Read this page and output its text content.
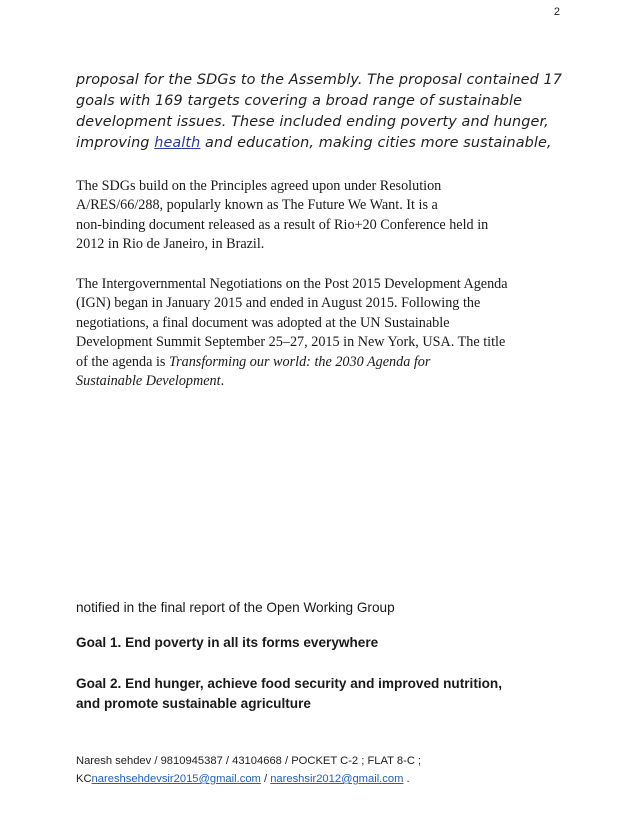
2
proposal for the SDGs to the Assembly. The proposal contained 17
goals with 169 targets covering a broad range of sustainable
development issues. These included ending poverty and hunger,
improving health and education, making cities more sustainable,
The SDGs build on the Principles agreed upon under Resolution
A/RES/66/288, popularly known as The Future We Want. It is a
non-binding document released as a result of Rio+20 Conference held in
2012 in Rio de Janeiro, in Brazil.
The Intergovernmental Negotiations on the Post 2015 Development Agenda
(IGN) began in January 2015 and ended in August 2015. Following the
negotiations, a final document was adopted at the UN Sustainable
Development Summit September 25–27, 2015 in New York, USA. The title
of the agenda is Transforming our world: the 2030 Agenda for
Sustainable Development.
notified in the final report of the Open Working Group
Goal 1. End poverty in all its forms everywhere
Goal 2. End hunger, achieve food security and improved nutrition,
and promote sustainable agriculture
Naresh sehdev / 9810945387 / 43104668 / POCKET C-2 ; FLAT 8-C ;
KCnareshsehdevsir2015@gmail.com / nareshsir2012@gmail.com .
